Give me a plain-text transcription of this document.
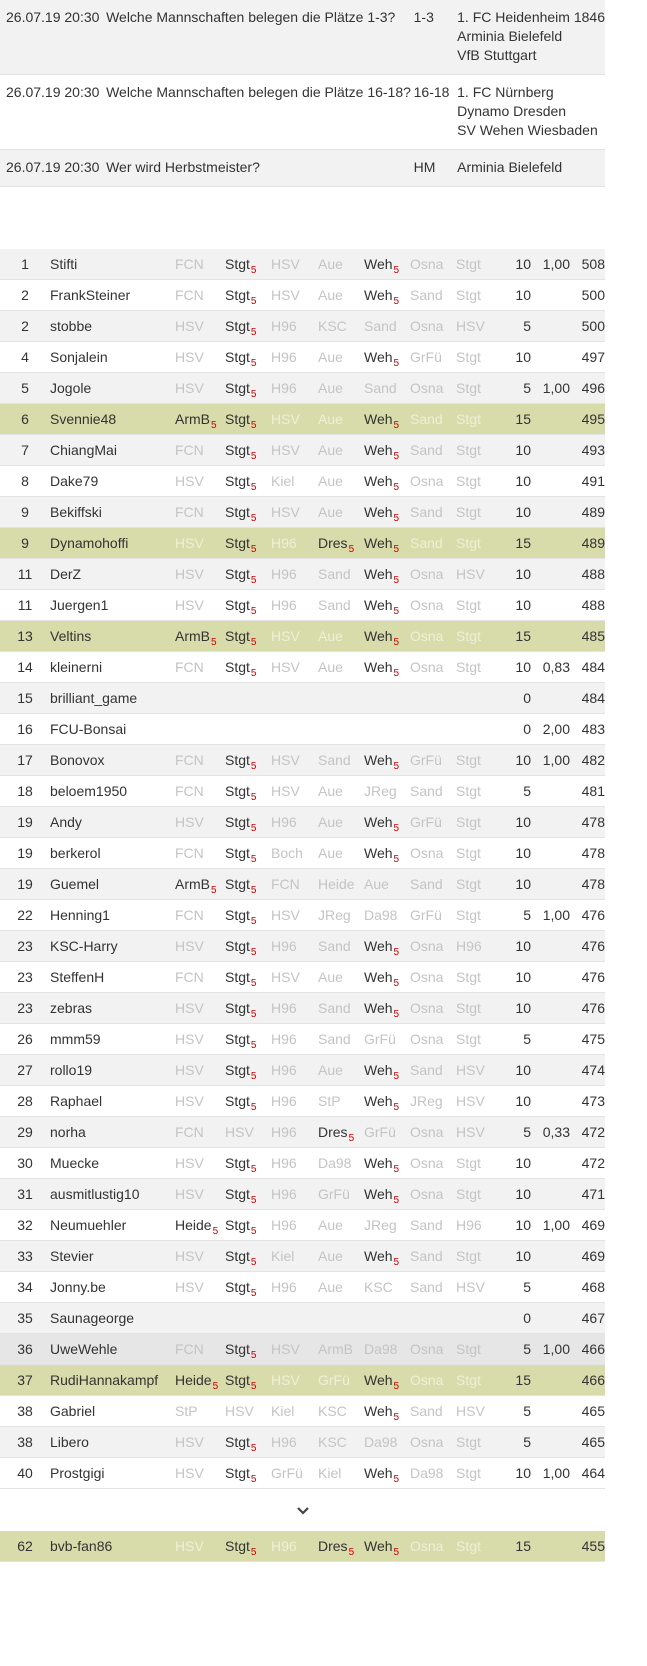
26.07.19 20:30	Welche Mannschaften belegen die Plätze 1-3?	1-3	1. FC Heidenheim 1846
Arminia Bielefeld
VfB Stuttgart

26.07.19 20:30	Welche Mannschaften belegen die Plätze 16-18?	16-18	1. FC Nürnberg
Dynamo Dresden
SV Wehen Wiesbaden

26.07.19 20:30	Wer wird Herbstmeister?	HM	Arminia Bielefeld
1	Stifti	FCN	Stgt$_5$	HSV	Aue	Weh$_5$	Osna	Stgt	10	1,00	508
2	FrankSteiner	FCN	Stgt$_5$	HSV	Aue	Weh$_5$	Sand	Stgt	10		500
2	stobbe	HSV	Stgt$_5$	H96	KSC	Sand	Osna	HSV	5		500
4	Sonjalein	HSV	Stgt$_5$	H96	Aue	Weh$_5$	GrFü	Stgt	10		497
5	Jogole	HSV	Stgt$_5$	H96	Aue	Sand	Osna	Stgt	5	1,00	496
6	Svennie48	ArmB$_5$	Stgt$_5$	HSV	Aue	Weh$_5$	Sand	Stgt	15		495
7	ChiangMai	FCN	Stgt$_5$	HSV	Aue	Weh$_5$	Sand	Stgt	10		493
8	Dake79	HSV	Stgt$_5$	Kiel	Aue	Weh$_5$	Osna	Stgt	10		491
9	Bekiffski	FCN	Stgt$_5$	HSV	Aue	Weh$_5$	Sand	Stgt	10		489
9	Dynamohoffi	HSV	Stgt$_5$	H96	Dres$_5$	Weh$_5$	Sand	Stgt	15		489
11	DerZ	HSV	Stgt$_5$	H96	Sand	Weh$_5$	Osna	HSV	10		488
11	Juergen1	HSV	Stgt$_5$	H96	Sand	Weh$_5$	Osna	Stgt	10		488
13	Veltins	ArmB$_5$	Stgt$_5$	HSV	Aue	Weh$_5$	Osna	Stgt	15		485
14	kleinerni	FCN	Stgt$_5$	HSV	Aue	Weh$_5$	Osna	Stgt	10	0,83	484
15	brilliant_game								0		484
16	FCU-Bonsai								0	2,00	483
17	Bonovox	FCN	Stgt$_5$	HSV	Sand	Weh$_5$	GrFü	Stgt	10	1,00	482
18	beloem1950	FCN	Stgt$_5$	HSV	Aue	JReg	Sand	Stgt	5		481
19	Andy	HSV	Stgt$_5$	H96	Aue	Weh$_5$	GrFü	Stgt	10		478
19	berkerol	FCN	Stgt$_5$	Boch	Aue	Weh$_5$	Osna	Stgt	10		478
19	Guemel	ArmB$_5$	Stgt$_5$	FCN	Heide	Aue	Sand	Stgt	10		478
22	Henning1	FCN	Stgt$_5$	HSV	JReg	Da98	GrFü	Stgt	5	1,00	476
23	KSC-Harry	HSV	Stgt$_5$	H96	Sand	Weh$_5$	Osna	H96	10		476
23	SteffenH	FCN	Stgt$_5$	HSV	Aue	Weh$_5$	Osna	Stgt	10		476
23	zebras	HSV	Stgt$_5$	H96	Sand	Weh$_5$	Osna	Stgt	10		476
26	mmm59	HSV	Stgt$_5$	H96	Sand	GrFü	Osna	Stgt	5		475
27	rollo19	HSV	Stgt$_5$	H96	Aue	Weh$_5$	Sand	HSV	10		474
28	Raphael	HSV	Stgt$_5$	H96	StP	Weh$_5$	JReg	HSV	10		473
29	norha	FCN	HSV	H96	Dres$_5$	GrFü	Osna	HSV	5	0,33	472
30	Muecke	HSV	Stgt$_5$	H96	Da98	Weh$_5$	Osna	Stgt	10		472
31	ausmitlustig10	HSV	Stgt$_5$	H96	GrFü	Weh$_5$	Osna	Stgt	10		471
32	Neumuehler	Heide$_5$	Stgt$_5$	H96	Aue	JReg	Sand	H96	10	1,00	469
33	Stevier	HSV	Stgt$_5$	Kiel	Aue	Weh$_5$	Sand	Stgt	10		469
34	Jonny.be	HSV	Stgt$_5$	H96	Aue	KSC	Sand	HSV	5		468
35	Saunageorge								0		467
36	UweWehle	FCN	Stgt$_5$	HSV	ArmB	Da98	Osna	Stgt	5	1,00	466
37	RudiHannakampf	Heide$_5$	Stgt$_5$	HSV	GrFü	Weh$_5$	Osna	Stgt	15		466
38	Gabriel	StP	HSV	Kiel	KSC	Weh$_5$	Sand	HSV	5		465
38	Libero	HSV	Stgt$_5$	H96	KSC	Da98	Osna	Stgt	5		465
40	Prostgigi	HSV	Stgt$_5$	GrFü	Kiel	Weh$_5$	Da98	Stgt	10	1,00	464
62	bvb-fan86	HSV	Stgt$_5$	H96	Dres$_5$	Weh$_5$	Osna	Stgt	15		455
